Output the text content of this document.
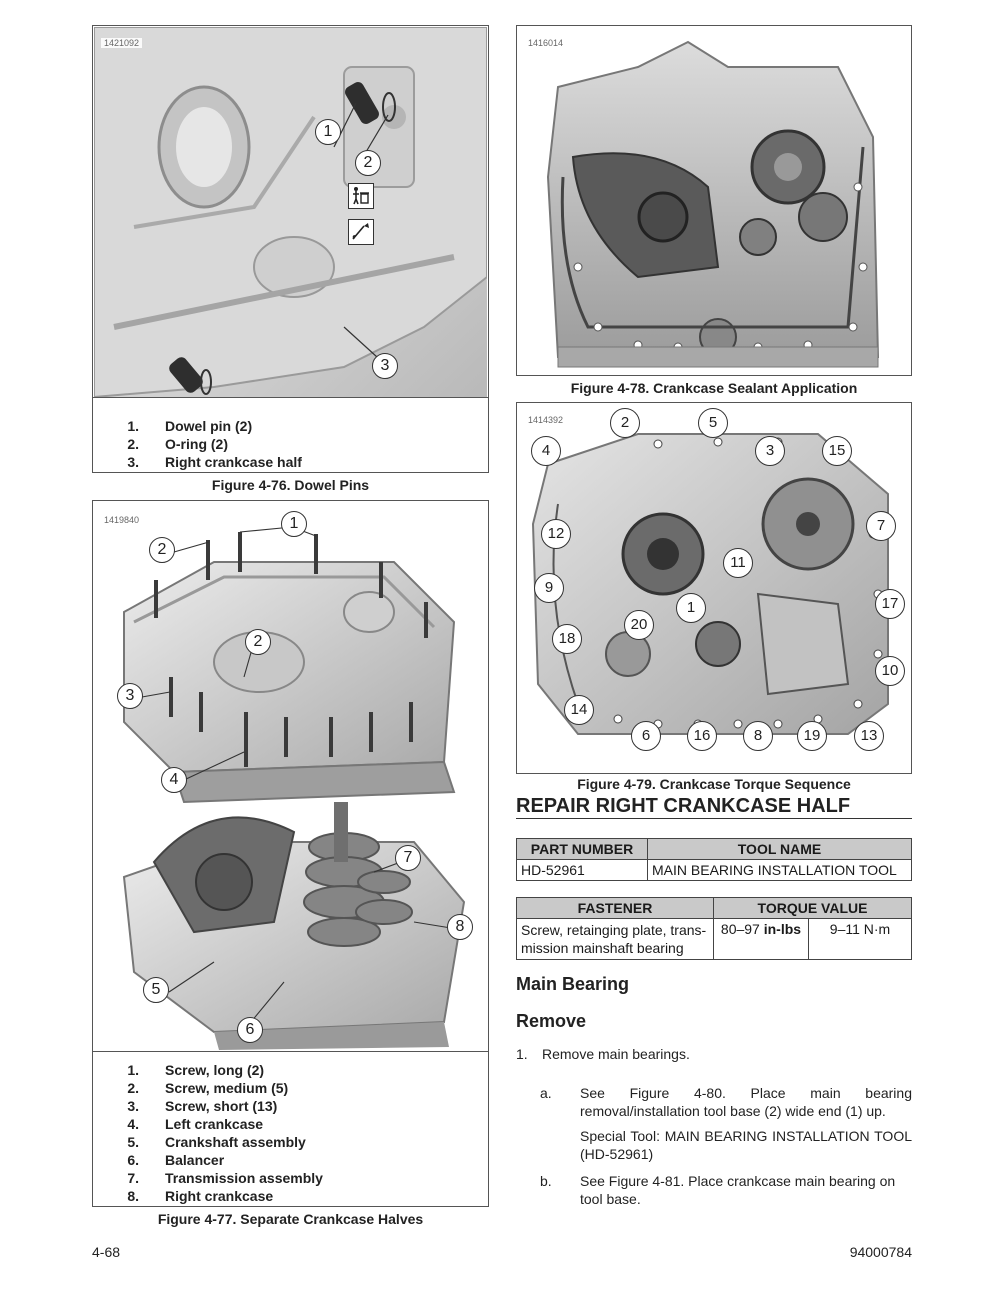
1421092
1
2
3
1. Dowel pin (2)
2. O-ring (2)
3. Right crankcase half
Figure 4-76. Dowel Pins
1419840	1
2
2
3
4
7
8
5
6
1. Screw, long (2)
2. Screw, medium (5)
3. Screw, short (13)
4. Left crankcase
5. Crankshaft assembly
6. Balancer
7. Transmission assembly
8. Right crankcase
Figure 4-77. Separate Crankcase Halves
1416014
Figure 4-78. Crankcase Sealant Application
1414392	2	5
4	3	15
12	7
11
9
17
1
20
18
10
14
6	16	8	19	13
Figure 4-79. Crankcase Torque Sequence
REPAIR RIGHT CRANKCASE HALF
PART NUMBER	TOOL NAME
HD-52961	MAIN BEARING INSTALLATION TOOL
FASTENER	TORQUE VALUE	
Screw, retainging plate, trans- mission mainshaft bearing	80–97 in-lbs	9–11 N·m
Main Bearing
Remove
1. Remove main bearings.
a.	See Figure 4-80. Place main bearing removal/installation tool base (2) wide end (1) up.
Special Tool: MAIN BEARING INSTALLATION TOOL (HD-52961)
b.	See Figure 4-81. Place crankcase main bearing on tool base.
4-68	94000784
